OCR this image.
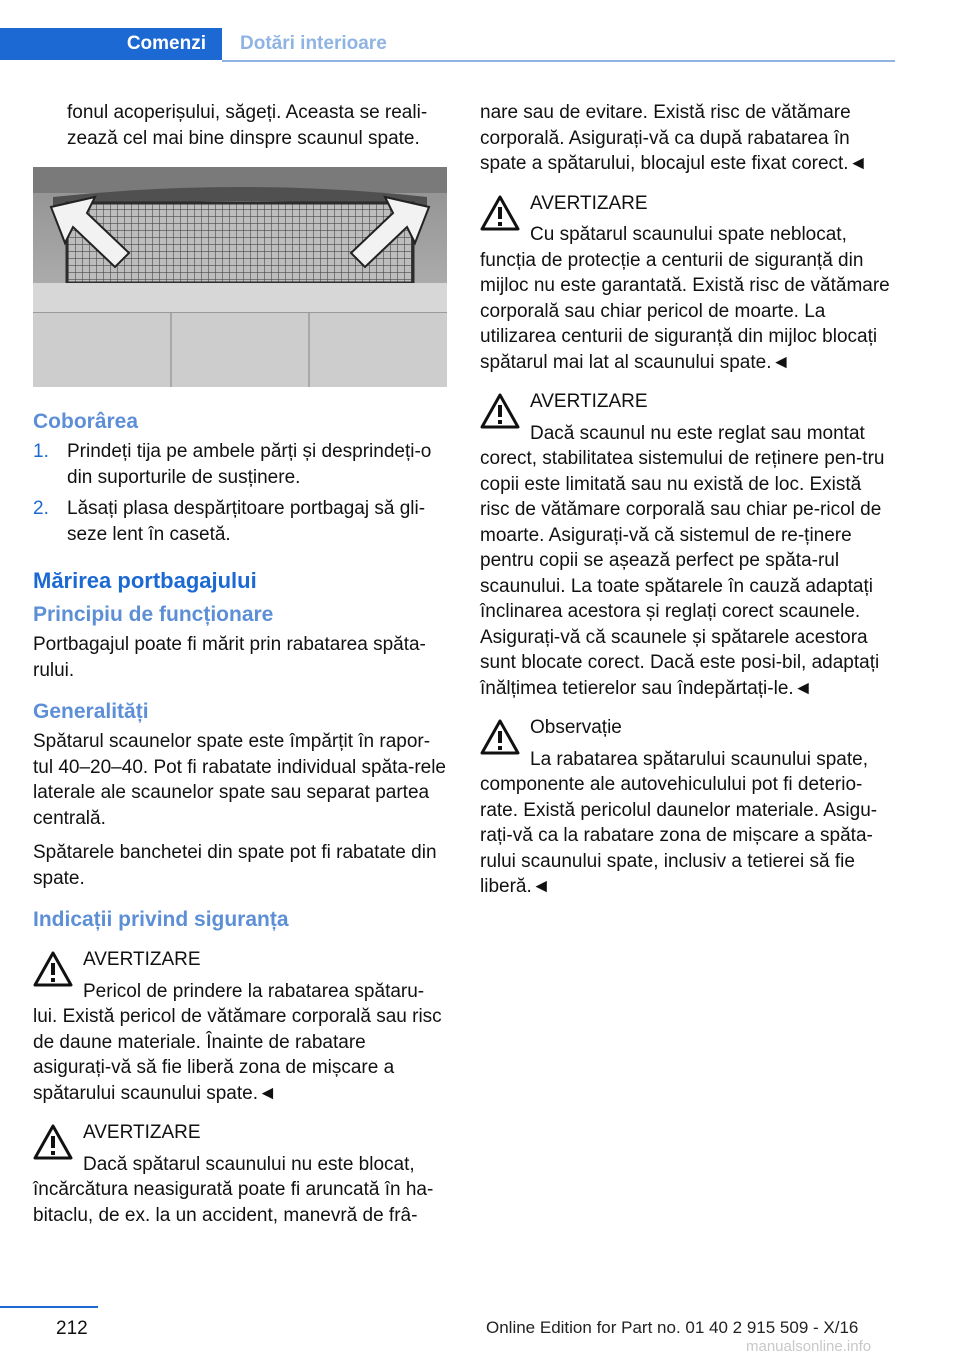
Comenzi	Dotări interioare

fonul acoperișului, săgeți. Aceasta se reali‐zează cel mai bine dinspre scaunul spate.

Coborârea
1. Prindeți tija pe ambele părți și desprindeți-o din suporturile de susținere.
2. Lăsați plasa despărțitoare portbagaj să gli‐seze lent în casetă.
Mărirea portbagajului
Principiu de funcționare

Portbagajul poate fi mărit prin rabatarea spăta‐rului.

Generalități

Spătarul scaunelor spate este împărțit în rapor‐tul 40–20–40. Pot fi rabatate individual spăta‐rele laterale ale scaunelor spate sau separat partea centrală.

Spătarele banchetei din spate pot fi rabatate din spate.

Indicații privind siguranța
AVERTIZARE
Pericol de prindere la rabatarea spătaru‐
lui. Există pericol de vătămare corporală sau risc de daune materiale. Înainte de rabatare asigurați-vă să fie liberă zona de mișcare a spătarului scaunului spate.◄
AVERTIZARE
Dacă spătarul scaunului nu este blocat,
încărcătura neasigurată poate fi aruncată în ha‐bitaclu, de ex. la un accident, manevră de frâ‐

nare sau de evitare. Există risc de vătămare corporală. Asigurați-vă ca după rabatarea în spate a spătarului, blocajul este fixat corect.◄

AVERTIZARE
Cu spătarul scaunului spate neblocat,
funcția de protecție a centurii de siguranță din mijloc nu este garantată. Există risc de vătămare corporală sau chiar pericol de moarte. La utilizarea centurii de siguranță din mijloc blocați spătarul mai lat al scaunului spate.◄
AVERTIZARE
Dacă scaunul nu este reglat sau montat
corect, stabilitatea sistemului de reținere pen‐tru copii este limitată sau nu există de loc. Există risc de vătămare corporală sau chiar pe‐ricol de moarte. Asigurați-vă că sistemul de re‐ținere pentru copii se așează perfect pe spăta‐rul scaunului. La toate spătarele în cauză adaptați înclinarea acestora și reglați corect scaunele. Asigurați-vă că scaunele și spătarele acestora sunt blocate corect. Dacă este posi‐bil, adaptați înălțimea tetierelor sau îndepărtați-le.◄
Observație
La rabatarea spătarului scaunului spate,
componente ale autovehiculului pot fi deterio‐rate. Există pericolul daunelor materiale. Asigu‐rați-vă ca la rabatare zona de mișcare a spăta‐rului scaunului spate, inclusiv a tetierei să fie liberă.◄
212	Online Edition for Part no. 01 40 2 915 509 - X/16
manualsonline.info
